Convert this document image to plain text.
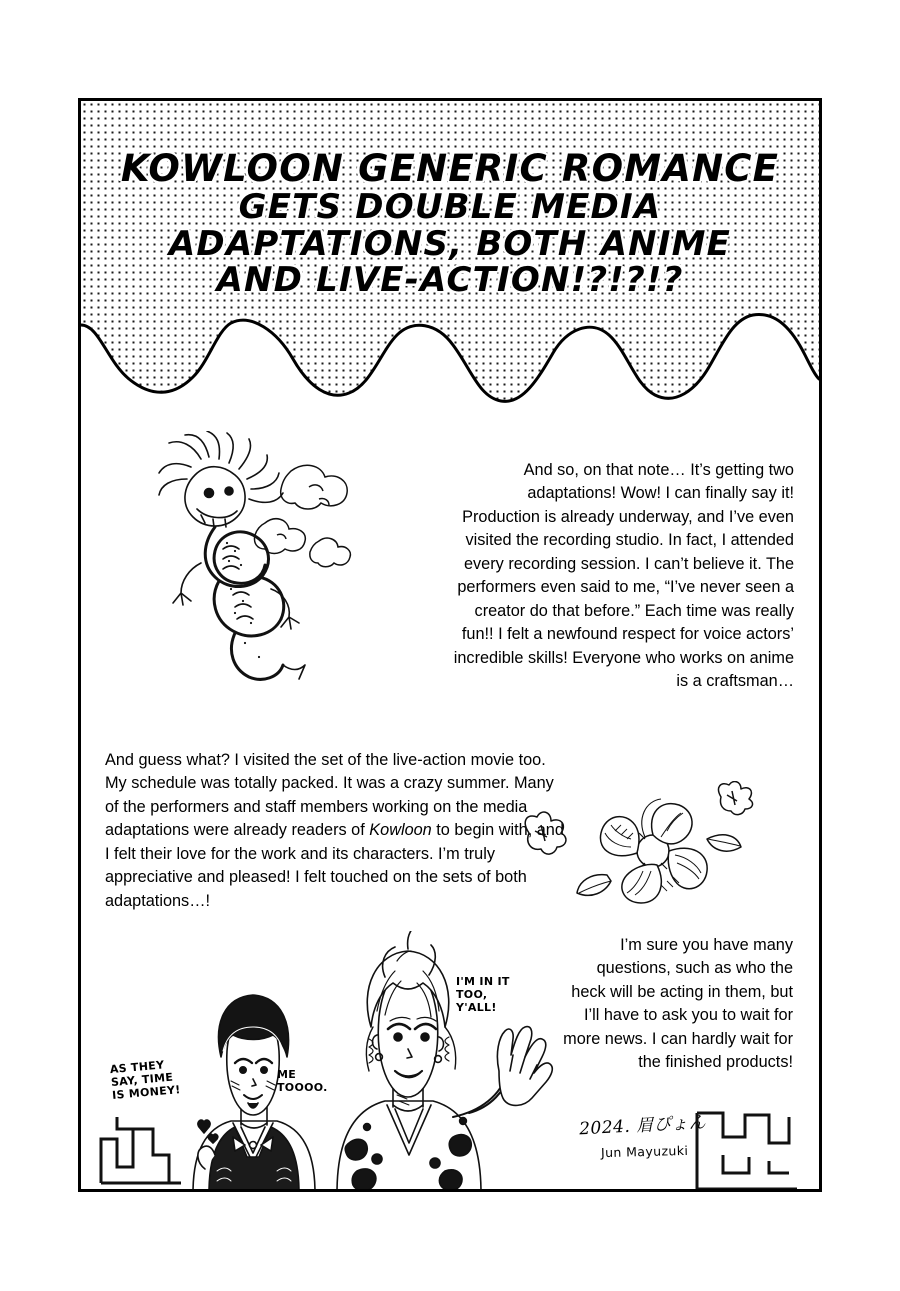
KOWLOON GENERIC ROMANCE
GETS DOUBLE MEDIA
ADAPTATIONS, BOTH ANIME
AND LIVE-ACTION!?!?!?
And so, on that note… It’s getting two adaptations! Wow! I can finally say it! Production is already underway, and I’ve even visited the recording studio. In fact, I attended every recording session. I can’t believe it. The performers even said to me, “I’ve never seen a creator do that before.” Each time was really fun!! I felt a newfound respect for voice actors’ incredible skills! Everyone who works on anime is a craftsman…
And guess what? I visited the set of the live-action movie too. My schedule was totally packed. It was a crazy summer. Many of the performers and staff members working on the media adaptations were already readers of Kowloon to begin with, and I felt their love for the work and its characters. I’m truly appreciative and pleased! I felt touched on the sets of both adaptations…!
I’m sure you have many questions, such as who the heck will be acting in them, but I’ll have to ask you to wait for more news. I can hardly wait for the finished products!
AS THEY SAY, TIME IS MONEY!
ME TOOOO.
I'M IN IT TOO, Y'ALL!
2024. 眉ぴょん
Jun Mayuzuki
